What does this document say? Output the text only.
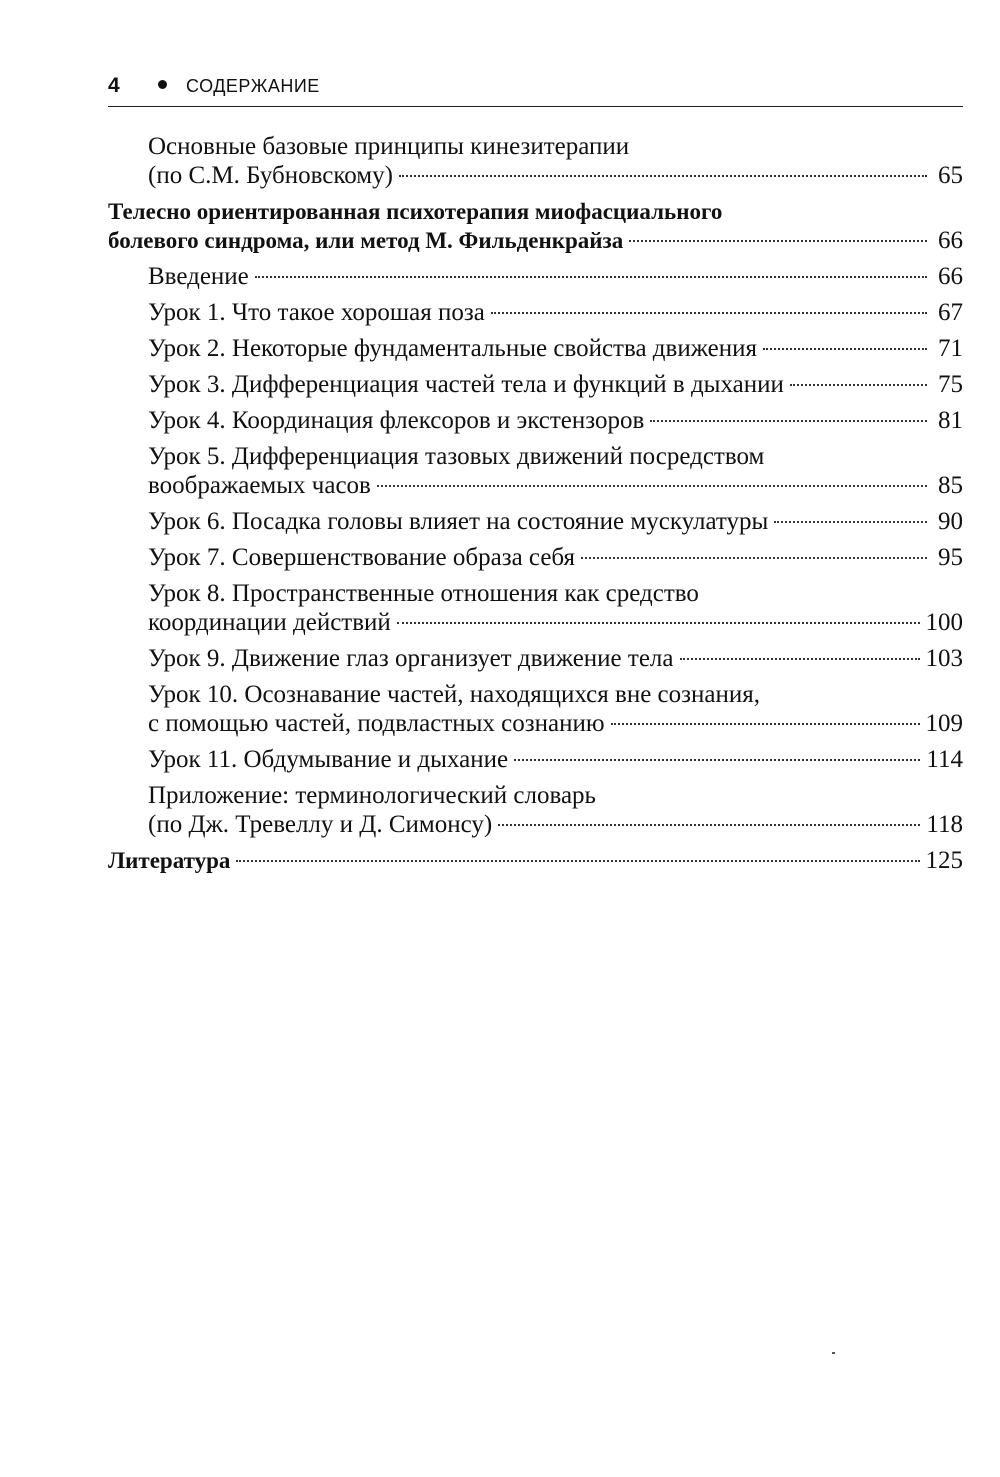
4	СОДЕРЖАНИЕ
Основные базовые принципы кинезитерапии
(по С.М. Бубновскому)	65
Телесно ориентированная психотерапия миофасциального
болевого синдрома, или метод М. Фильденкрайза	66
Введение	66
Урок 1. Что такое хорошая поза	67
Урок 2. Некоторые фундаментальные свойства движения	71
Урок 3. Дифференциация частей тела и функций в дыхании	75
Урок 4. Координация флексоров и экстензоров	81
Урок 5. Дифференциация тазовых движений посредством
воображаемых часов	85
Урок 6. Посадка головы влияет на состояние мускулатуры	90
Урок 7. Совершенствование образа себя	95
Урок 8. Пространственные отношения как средство
координации действий	100
Урок 9. Движение глаз организует движение тела	103
Урок 10. Осознавание частей, находящихся вне сознания,
с помощью частей, подвластных сознанию	109
Урок 11. Обдумывание и дыхание	114
Приложение: терминологический словарь
(по Дж. Тревеллу и Д. Симонсу)	118
Литература	125
